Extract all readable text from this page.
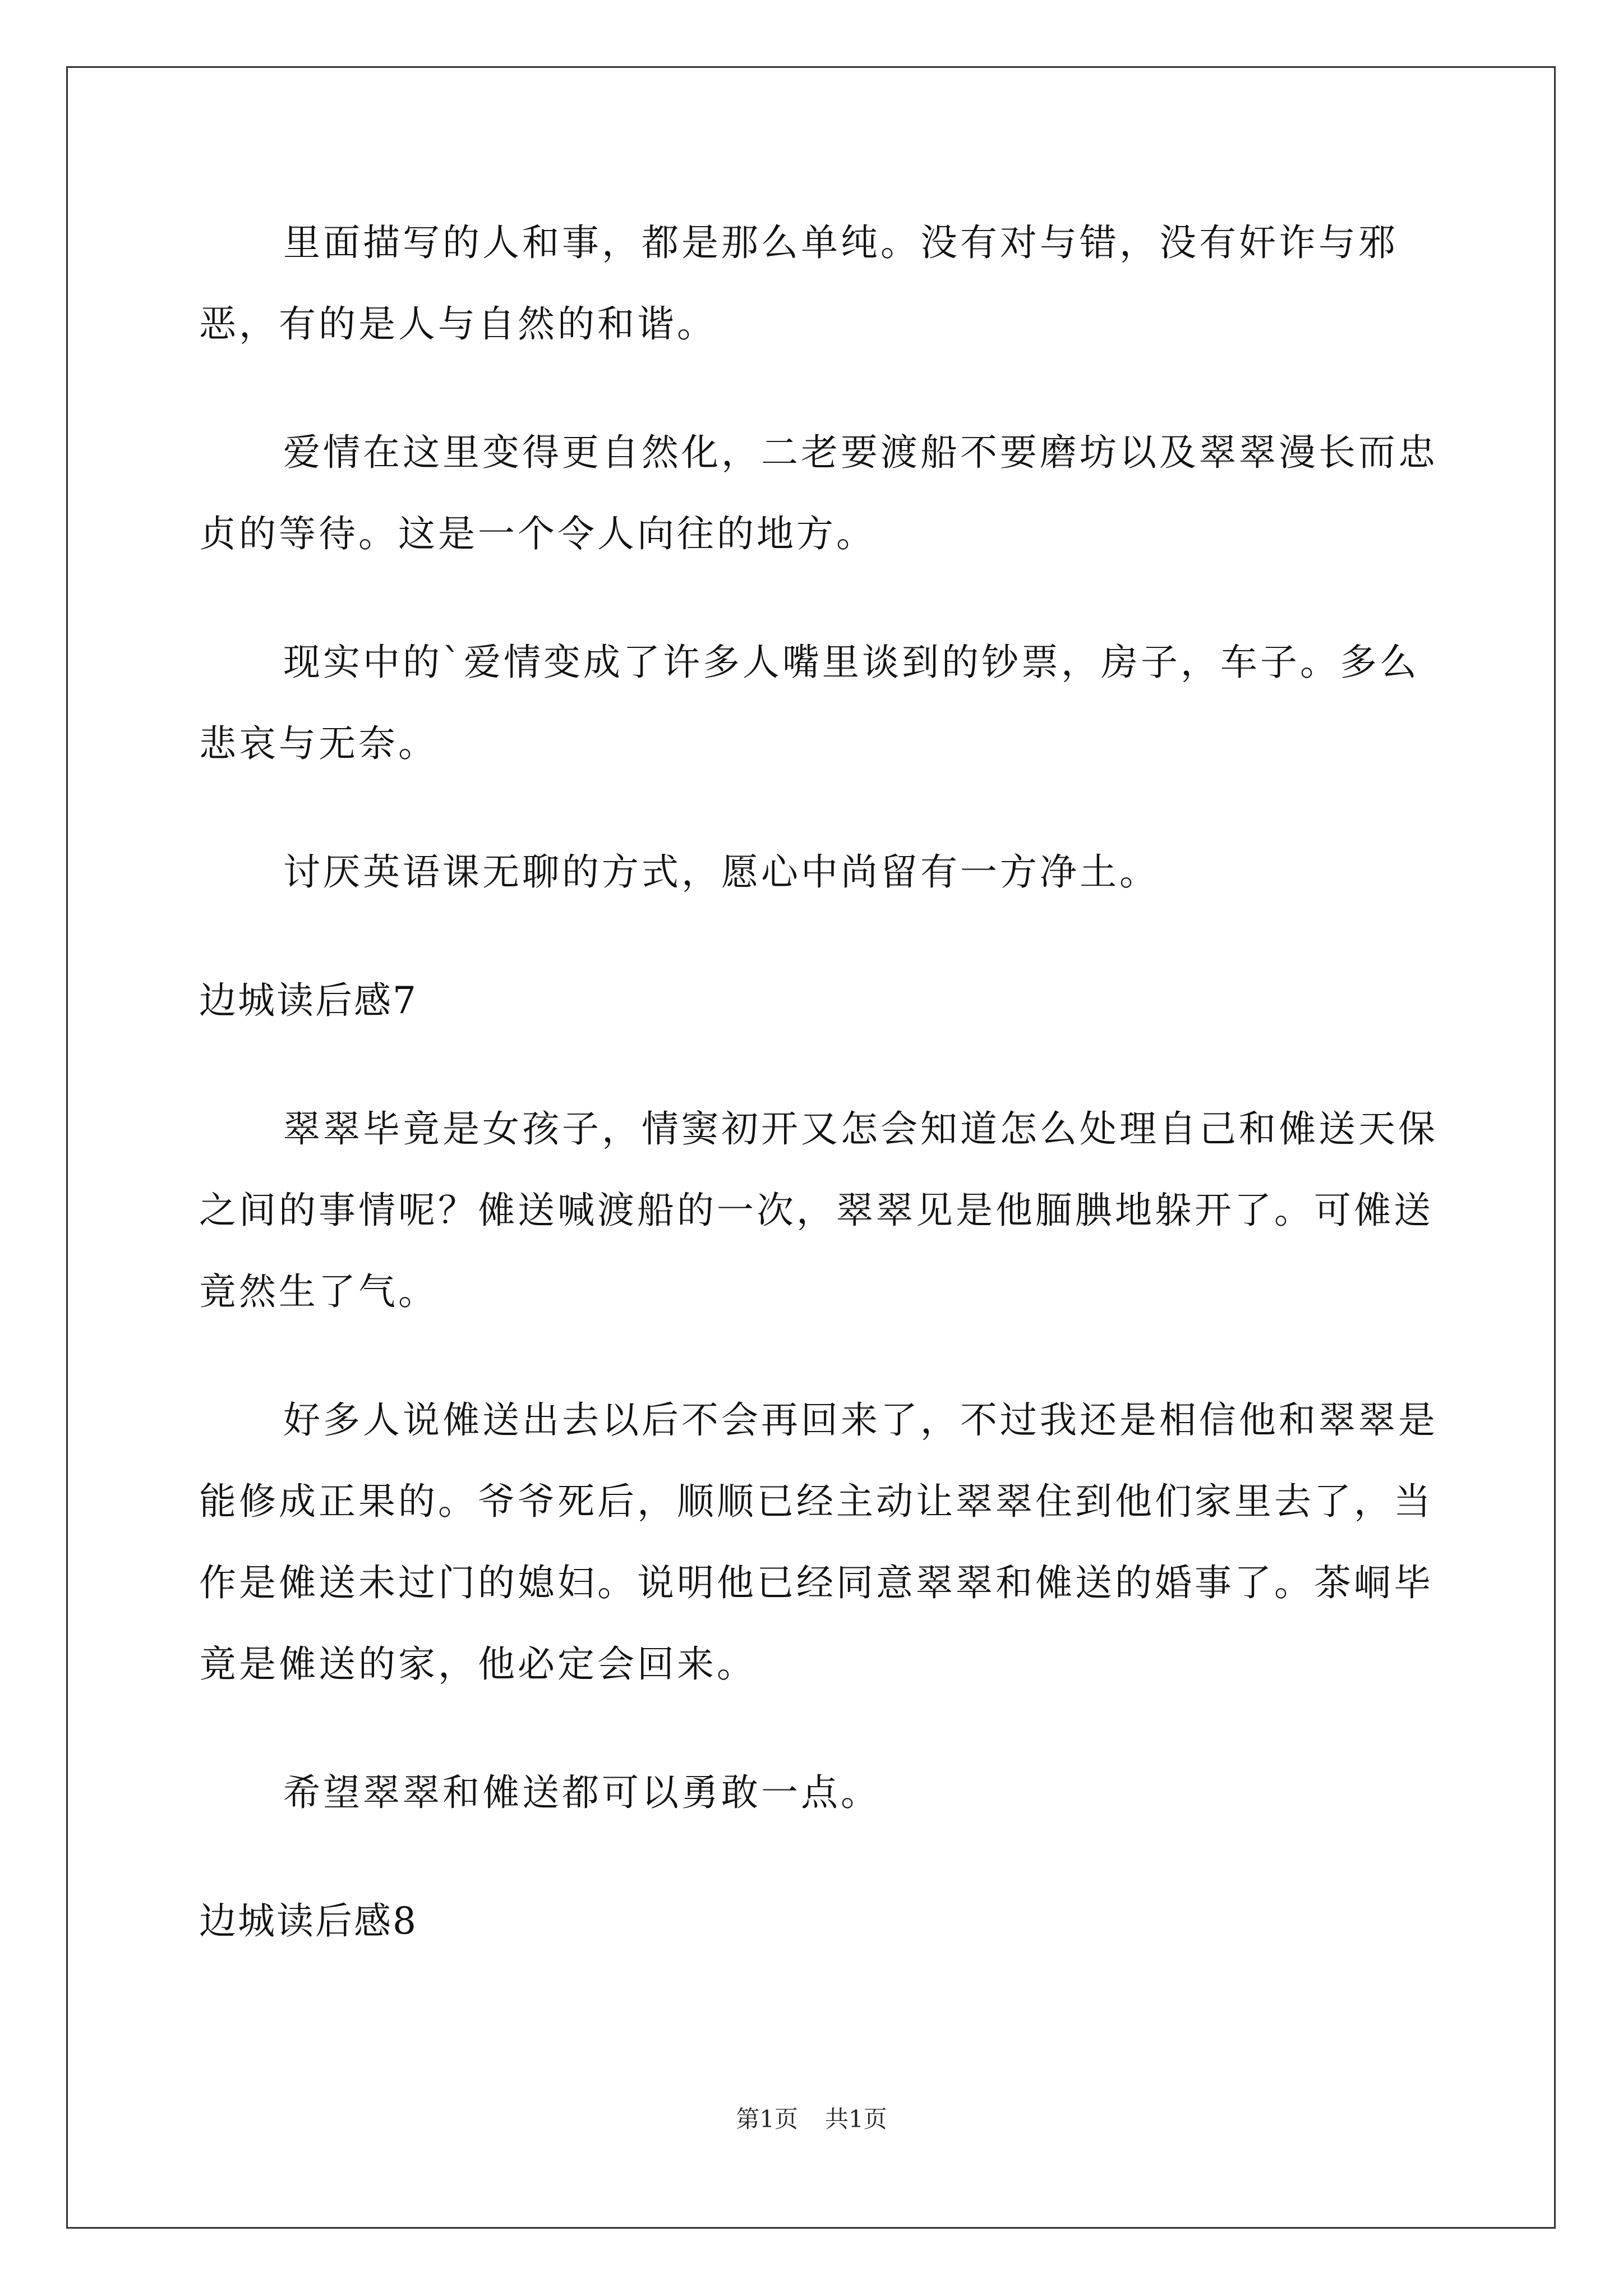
里面描写的人和事，都是那么单纯。没有对与错，没有奸诈与邪恶，有的是人与自然的和谐。

爱情在这里变得更自然化，二老要渡船不要磨坊以及翠翠漫长而忠贞的等待。这是一个令人向往的地方。

现实中的`爱情变成了许多人嘴里谈到的钞票，房子，车子。多么悲哀与无奈。

讨厌英语课无聊的方式，愿心中尚留有一方净土。

边城读后感7

翠翠毕竟是女孩子，情窦初开又怎会知道怎么处理自己和傩送天保之间的事情呢？傩送喊渡船的一次，翠翠见是他腼腆地躲开了。可傩送竟然生了气。

好多人说傩送出去以后不会再回来了，不过我还是相信他和翠翠是能修成正果的。爷爷死后，顺顺已经主动让翠翠住到他们家里去了，当作是傩送未过门的媳妇。说明他已经同意翠翠和傩送的婚事了。茶峒毕竟是傩送的家，他必定会回来。

希望翠翠和傩送都可以勇敢一点。

边城读后感8

第1页 共1页
